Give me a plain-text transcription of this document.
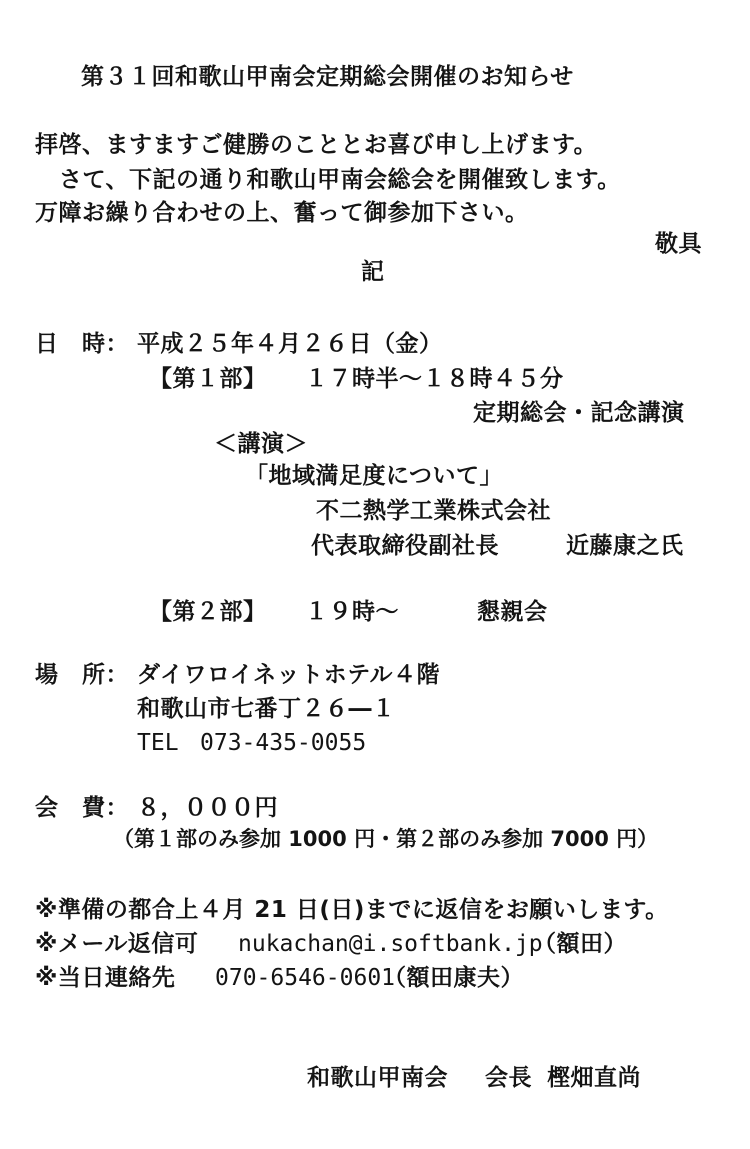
第３１回和歌山甲南会定期総会開催のお知らせ
拝啓、ますますご健勝のこととお喜び申し上げます。
さて、下記の通り和歌山甲南会総会を開催致します。
万障お繰り合わせの上、奮って御参加下さい。
敬具
記
日　時： 平成２５年４月２６日（金）
【第１部】 １７時半～１８時４５分
定期総会・記念講演
＜講演＞
「地域満足度について」
不二熱学工業株式会社
代表取締役副社長	近藤康之氏
【第２部】 １９時～	懇親会
場　所： ダイワロイネットホテル４階
和歌山市七番丁２６―１
TEL 073-435-0055
会　費： ８，０００円
（第１部のみ参加 1000 円・第２部のみ参加 7000 円）
※準備の都合上４月 21 日(日)までに返信をお願いします。
※メール返信可 nukachan@i.softbank.jp
（額田）
※当日連絡先 070-6546-0601
（額田康夫）
和歌山甲南会 会長 樫畑直尚
